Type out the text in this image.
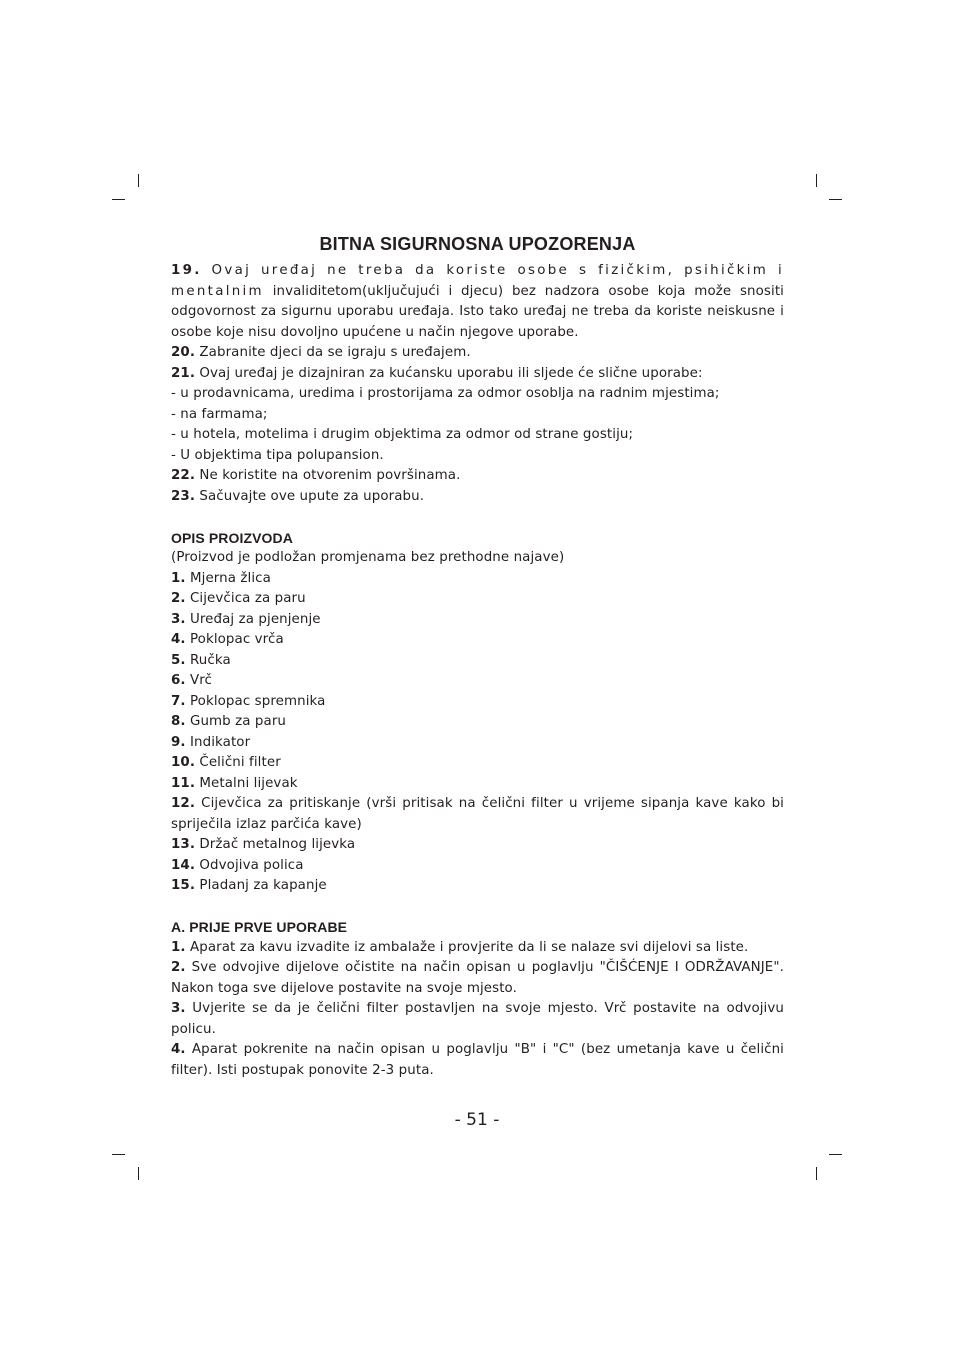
BITNA SIGURNOSNA UPOZORENJA
19. Ovaj uređaj ne treba da koriste osobe s fizičkim, psihičkim i mentalnim invaliditetom(uključujući i djecu) bez nadzora osobe koja može snositi odgovornost za sigurnu uporabu uređaja. Isto tako uređaj ne treba da koriste neiskusne i osobe koje nisu dovoljno upućene u način njegove uporabe.
20. Zabranite djeci da se igraju s uređajem.
21. Ovaj uređaj je dizajniran za kućansku uporabu ili sljede će slične uporabe:
- u prodavnicama, uredima i prostorijama za odmor osoblja na radnim mjestima;
- na farmama;
- u hotela, motelima i drugim objektima za odmor od strane gostiju;
- U objektima tipa polupansion.
22. Ne koristite na otvorenim površinama.
23. Sačuvajte ove upute za uporabu.
OPIS PROIZVODA
(Proizvod je podložan promjenama bez prethodne najave)
1. Mjerna žlica
2. Cijevčica za paru
3. Uređaj za pjenjenje
4. Poklopac vrča
5. Ručka
6. Vrč
7. Poklopac spremnika
8. Gumb za paru
9. Indikator
10. Čelični filter
11. Metalni lijevak
12. Cijevčica za pritiskanje (vrši pritisak na čelični filter u vrijeme sipanja kave kako bi spriječila izlaz parčića kave)
13. Držač metalnog lijevka
14. Odvojiva polica
15. Pladanj za kapanje
A. PRIJE PRVE UPORABE
1. Aparat za kavu izvadite iz ambalaže i provjerite da li se nalaze svi dijelovi sa liste.
2. Sve odvojive dijelove očistite na način opisan u poglavlju "ČIŠĆENJE I ODRŽAVANJE". Nakon toga sve dijelove postavite na svoje mjesto.
3. Uvjerite se da je čelični filter postavljen na svoje mjesto. Vrč postavite na odvojivu policu.
4. Aparat pokrenite na način opisan u poglavlju "B" i "C" (bez umetanja kave u čelični filter). Isti postupak ponovite 2-3 puta.
- 51 -
